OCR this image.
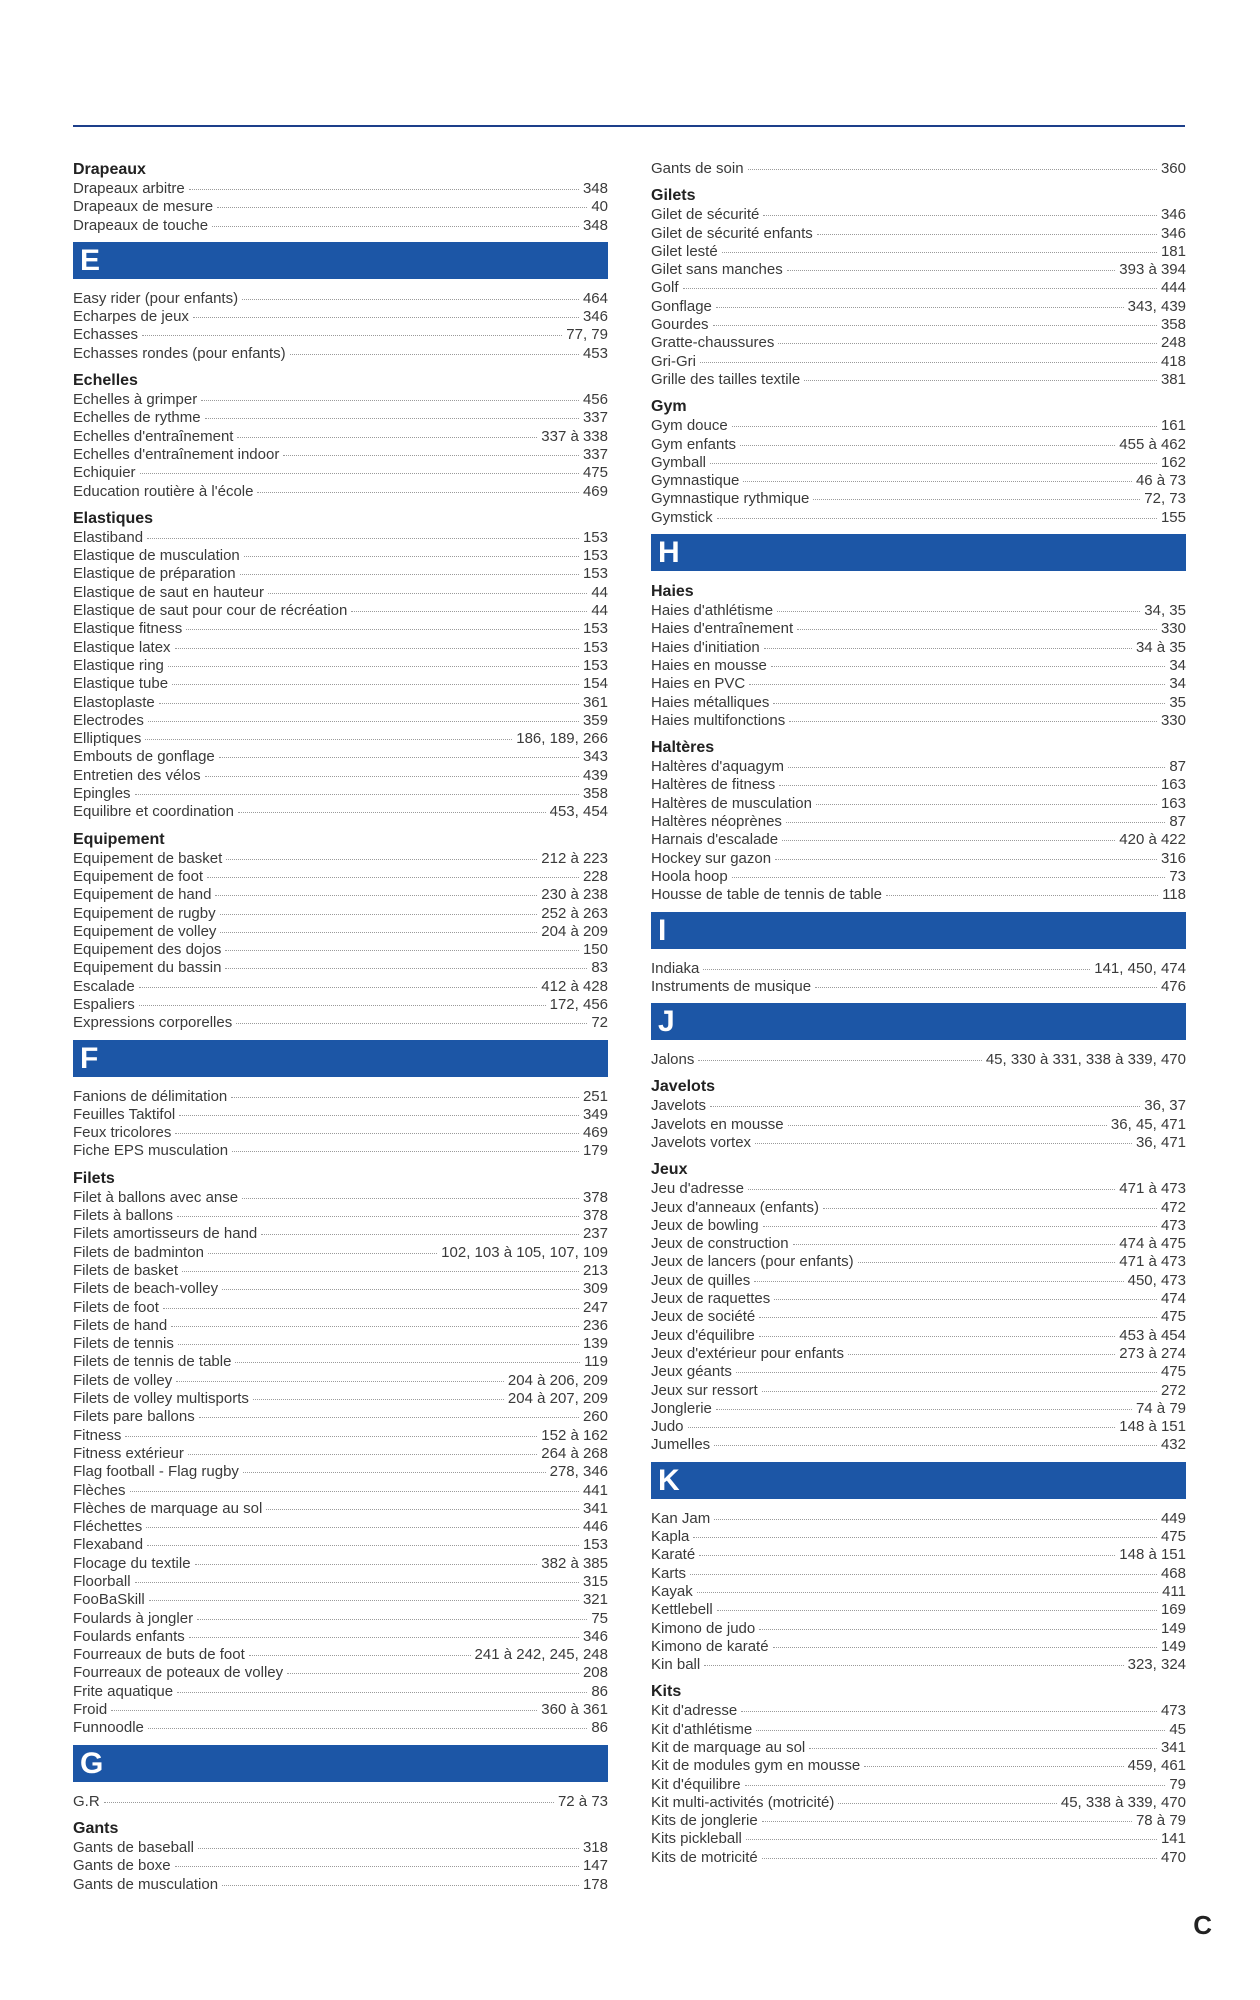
Drapeaux
Drapeaux arbitre	348
Drapeaux de mesure	40
Drapeaux de touche	348
E
Easy rider (pour enfants)	464
Echarpes de jeux	346
Echasses	77, 79
Echasses rondes (pour enfants)	453
Echelles
Echelles à grimper	456
Echelles de rythme	337
Echelles d'entraînement	337 à 338
Echelles d'entraînement indoor	337
Echiquier	475
Education routière à l'école	469
Elastiques
Elastiband	153
Elastique de musculation	153
Elastique de préparation	153
Elastique de saut en hauteur	44
Elastique de saut pour cour de récréation	44
Elastique fitness	153
Elastique latex	153
Elastique ring	153
Elastique tube	154
Elastoplaste	361
Electrodes	359
Elliptiques	186, 189, 266
Embouts de gonflage	343
Entretien des vélos	439
Epingles	358
Equilibre et coordination	453, 454
Equipement
Equipement de basket	212 à 223
Equipement de foot	228
Equipement de hand	230 à 238
Equipement de rugby	252 à 263
Equipement de volley	204 à 209
Equipement des dojos	150
Equipement du bassin	83
Escalade	412 à 428
Espaliers	172, 456
Expressions corporelles	72
F
Fanions de délimitation	251
Feuilles Taktifol	349
Feux tricolores	469
Fiche EPS musculation	179
Filets
Filet à ballons avec anse	378
Filets à ballons	378
Filets amortisseurs de hand	237
Filets de badminton	102, 103 à 105, 107, 109
Filets de basket	213
Filets de beach-volley	309
Filets de foot	247
Filets de hand	236
Filets de tennis	139
Filets de tennis de table	119
Filets de volley	204 à 206, 209
Filets de volley multisports	204 à 207, 209
Filets pare ballons	260
Fitness	152 à 162
Fitness extérieur	264 à 268
Flag football - Flag rugby	278, 346
Flèches	441
Flèches de marquage au sol	341
Fléchettes	446
Flexaband	153
Flocage du textile	382 à 385
Floorball	315
FooBaSkill	321
Foulards à jongler	75
Foulards enfants	346
Fourreaux de buts de foot	241 à 242, 245, 248
Fourreaux de poteaux de volley	208
Frite aquatique	86
Froid	360 à 361
Funnoodle	86
G
G.R	72 à 73
Gants
Gants de baseball	318
Gants de boxe	147
Gants de musculation	178
Gants de soin	360
Gilets
Gilet de sécurité	346
Gilet de sécurité enfants	346
Gilet lesté	181
Gilet sans manches	393 à 394
Golf	444
Gonflage	343, 439
Gourdes	358
Gratte-chaussures	248
Gri-Gri	418
Grille des tailles textile	381
Gym
Gym douce	161
Gym enfants	455 à 462
Gymball	162
Gymnastique	46 à 73
Gymnastique rythmique	72, 73
Gymstick	155
H
Haies
Haies d'athlétisme	34, 35
Haies d'entraînement	330
Haies d'initiation	34 à 35
Haies en mousse	34
Haies en PVC	34
Haies métalliques	35
Haies multifonctions	330
Haltères
Haltères d'aquagym	87
Haltères de fitness	163
Haltères de musculation	163
Haltères néoprènes	87
Harnais d'escalade	420 à 422
Hockey sur gazon	316
Hoola hoop	73
Housse de table de tennis de table	118
I
Indiaka	141, 450, 474
Instruments de musique	476
J
Jalons	45, 330 à 331, 338 à 339, 470
Javelots
Javelots	36, 37
Javelots en mousse	36, 45, 471
Javelots vortex	36, 471
Jeux
Jeu d'adresse	471 à 473
Jeux d'anneaux (enfants)	472
Jeux de bowling	473
Jeux de construction	474 à 475
Jeux de lancers (pour enfants)	471 à 473
Jeux de quilles	450, 473
Jeux de raquettes	474
Jeux de société	475
Jeux d'équilibre	453 à 454
Jeux d'extérieur pour enfants	273 à 274
Jeux géants	475
Jeux sur ressort	272
Jonglerie	74 à 79
Judo	148 à 151
Jumelles	432
K
Kan Jam	449
Kapla	475
Karaté	148 à 151
Karts	468
Kayak	411
Kettlebell	169
Kimono de judo	149
Kimono de karaté	149
Kin ball	323, 324
Kits
Kit d'adresse	473
Kit d'athlétisme	45
Kit de marquage au sol	341
Kit de modules gym en mousse	459, 461
Kit d'équilibre	79
Kit multi-activités (motricité)	45, 338 à 339, 470
Kits de jonglerie	78 à 79
Kits pickleball	141
Kits de motricité	470
C
